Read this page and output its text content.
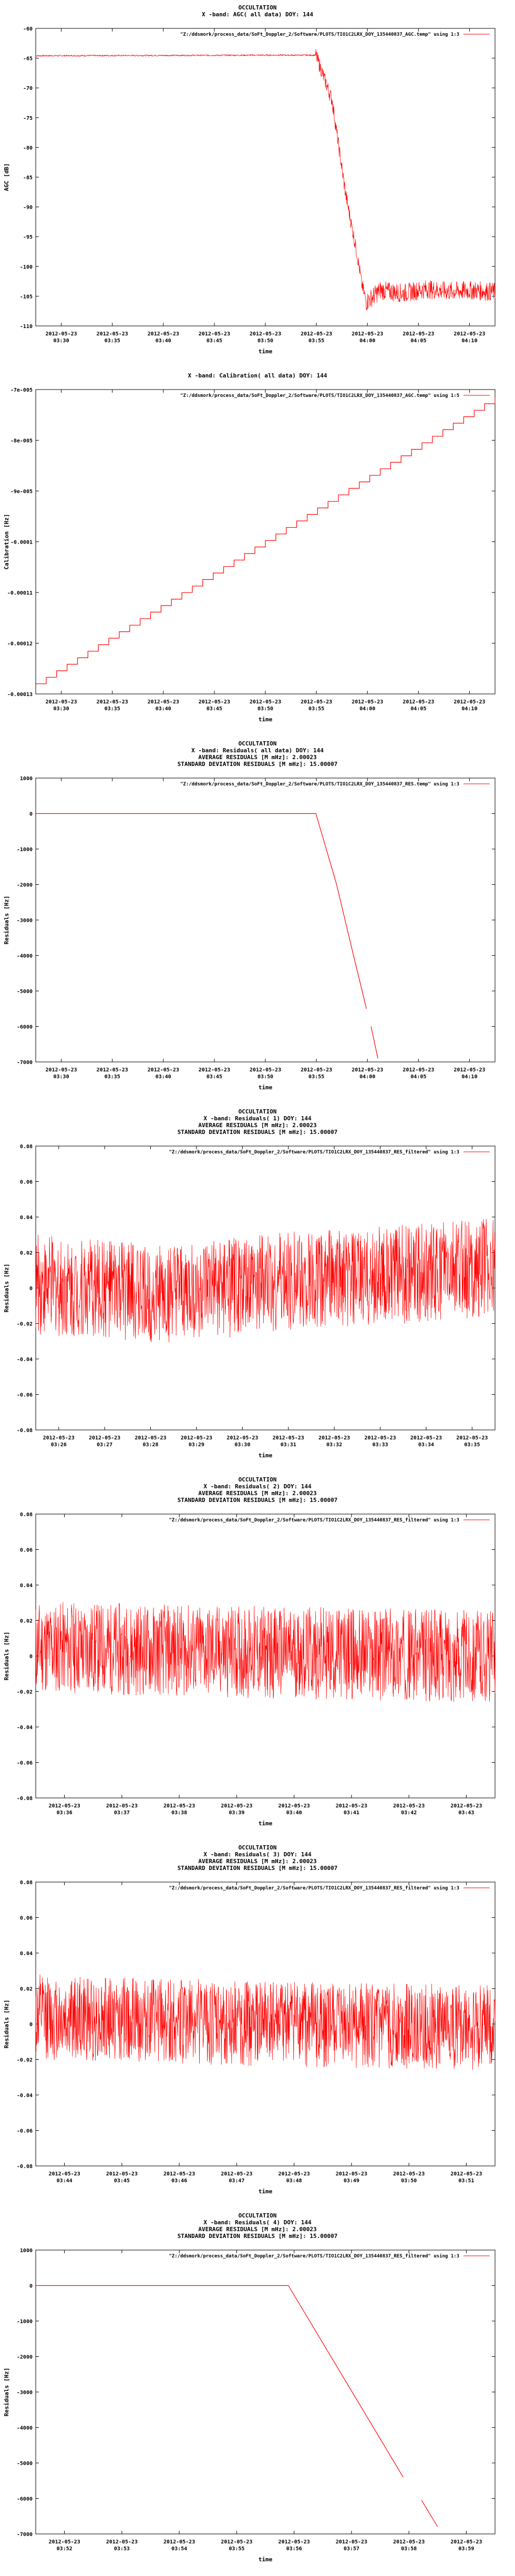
OCCULTATION
X -band: AGC( all data) DOY: 144
"Z:/ddsmork/process_data/SoFt_Doppler_2/Software/PLOTS/TIO1C2LRX_DOY_135440837_AGC.temp" using 1:3
-60
-65
-70
-75
-80
-85
-90
-95
-100
-105
-110
2012-05-23
03:30
2012-05-23
03:35
2012-05-23
03:40
2012-05-23
03:45
2012-05-23
03:50
2012-05-23
03:55
2012-05-23
04:00
2012-05-23
04:05
2012-05-23
04:10
time
AGC [dB]
X -band: Calibration( all data) DOY: 144
"Z:/ddsmork/process_data/SoFt_Doppler_2/Software/PLOTS/TIO1C2LRX_DOY_135440837_AGC.temp" using 1:5
-7e-005
-8e-005
-9e-005
-0.0001
-0.00011
-0.00012
-0.00013
2012-05-23
03:30
2012-05-23
03:35
2012-05-23
03:40
2012-05-23
03:45
2012-05-23
03:50
2012-05-23
03:55
2012-05-23
04:00
2012-05-23
04:05
2012-05-23
04:10
time
Calibration [Hz]
OCCULTATION
X -band: Residuals( all data) DOY: 144
AVERAGE RESIDUALS [M mHz]: 2.00023
STANDARD DEVIATION RESIDUALS [M mHz]: 15.00007
"Z:/ddsmork/process_data/SoFt_Doppler_2/Software/PLOTS/TIO1C2LRX_DOY_135440837_RES.temp" using 1:3
1000
0
-1000
-2000
-3000
-4000
-5000
-6000
-7000
2012-05-23
03:30
2012-05-23
03:35
2012-05-23
03:40
2012-05-23
03:45
2012-05-23
03:50
2012-05-23
03:55
2012-05-23
04:00
2012-05-23
04:05
2012-05-23
04:10
time
Residuals [Hz]
OCCULTATION
X -band: Residuals( 1) DOY: 144
AVERAGE RESIDUALS [M mHz]: 2.00023
STANDARD DEVIATION RESIDUALS [M mHz]: 15.00007
"Z:/ddsmork/process_data/SoFt_Doppler_2/Software/PLOTS/TIO1C2LRX_DOY_135440837_RES_filtered" using 1:3
0.08
0.06
0.04
0.02
0
-0.02
-0.04
-0.06
-0.08
2012-05-23
03:26
2012-05-23
03:27
2012-05-23
03:28
2012-05-23
03:29
2012-05-23
03:30
2012-05-23
03:31
2012-05-23
03:32
2012-05-23
03:33
2012-05-23
03:34
2012-05-23
03:35
time
Residuals [Hz]
OCCULTATION
X -band: Residuals( 2) DOY: 144
AVERAGE RESIDUALS [M mHz]: 2.00023
STANDARD DEVIATION RESIDUALS [M mHz]: 15.00007
"Z:/ddsmork/process_data/SoFt_Doppler_2/Software/PLOTS/TIO1C2LRX_DOY_135440837_RES_filtered" using 1:3
0.08
0.06
0.04
0.02
0
-0.02
-0.04
-0.06
-0.08
2012-05-23
03:36
2012-05-23
03:37
2012-05-23
03:38
2012-05-23
03:39
2012-05-23
03:40
2012-05-23
03:41
2012-05-23
03:42
2012-05-23
03:43
time
Residuals [Hz]
OCCULTATION
X -band: Residuals( 3) DOY: 144
AVERAGE RESIDUALS [M mHz]: 2.00023
STANDARD DEVIATION RESIDUALS [M mHz]: 15.00007
"Z:/ddsmork/process_data/SoFt_Doppler_2/Software/PLOTS/TIO1C2LRX_DOY_135440837_RES_filtered" using 1:3
0.08
0.06
0.04
0.02
0
-0.02
-0.04
-0.06
-0.08
2012-05-23
03:44
2012-05-23
03:45
2012-05-23
03:46
2012-05-23
03:47
2012-05-23
03:48
2012-05-23
03:49
2012-05-23
03:50
2012-05-23
03:51
time
Residuals [Hz]
OCCULTATION
X -band: Residuals( 4) DOY: 144
AVERAGE RESIDUALS [M mHz]: 2.00023
STANDARD DEVIATION RESIDUALS [M mHz]: 15.00007
"Z:/ddsmork/process_data/SoFt_Doppler_2/Software/PLOTS/TIO1C2LRX_DOY_135440837_RES_filtered" using 1:3
1000
0
-1000
-2000
-3000
-4000
-5000
-6000
-7000
2012-05-23
03:52
2012-05-23
03:53
2012-05-23
03:54
2012-05-23
03:55
2012-05-23
03:56
2012-05-23
03:57
2012-05-23
03:58
2012-05-23
03:59
time
Residuals [Hz]
